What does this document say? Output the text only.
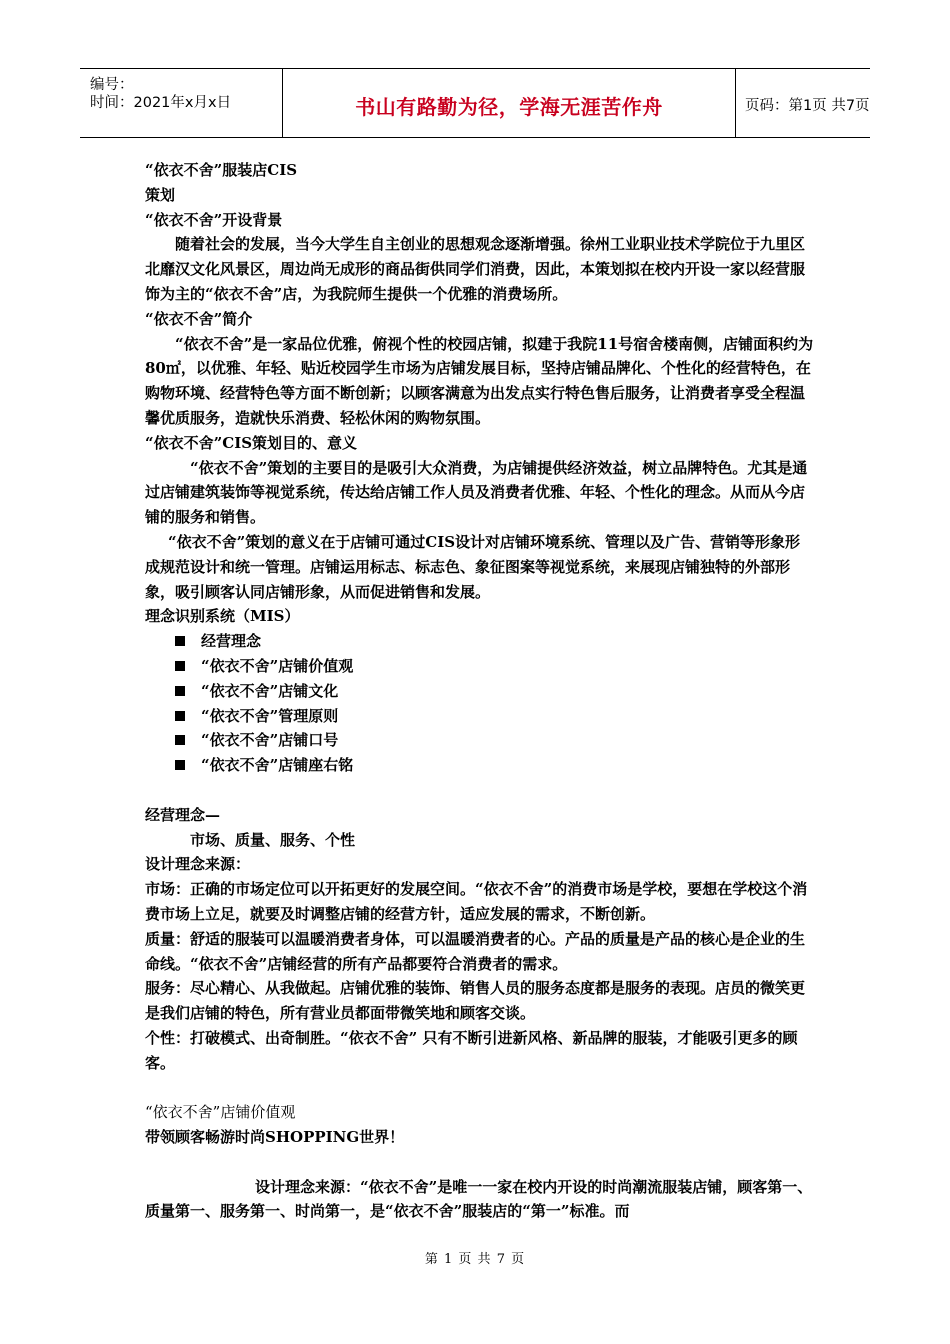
编号：
时间：2021年x月x日	书山有路勤为径，学海无涯苦作舟	页码：第1页 共7页

“依衣不舍”服装店CIS

策划

“依衣不舍”开设背景

随着社会的发展，当今大学生自主创业的思想观念逐渐增强。徐州工业职业技术学院位于九里区北靡汉文化风景区，周边尚无成形的商品街供同学们消费，因此，本策划拟在校内开设一家以经营服饰为主的“依衣不舍”店，为我院师生提供一个优雅的消费场所。

“依衣不舍”简介

“依衣不舍”是一家品位优雅，俯视个性的校园店铺，拟建于我院11号宿舍楼南侧，店铺面积约为80㎡，以优雅、年轻、贴近校园学生市场为店铺发展目标，坚持店铺品牌化、个性化的经营特色，在购物环境、经营特色等方面不断创新；以顾客满意为出发点实行特色售后服务，让消费者享受全程温馨优质服务，造就快乐消费、轻松休闲的购物氛围。

“依衣不舍”CIS策划目的、意义

“依衣不舍”策划的主要目的是吸引大众消费，为店铺提供经济效益，树立品牌特色。尤其是通过店铺建筑装饰等视觉系统，传达给店铺工作人员及消费者优雅、年轻、个性化的理念。从而从今店铺的服务和销售。

“依衣不舍”策划的意义在于店铺可通过CIS设计对店铺环境系统、管理以及广告、营销等形象形成规范设计和统一管理。店铺运用标志、标志色、象征图案等视觉系统，来展现店铺独特的外部形象，吸引顾客认同店铺形象，从而促进销售和发展。

理念识别系统（MIS）

经营理念
“依衣不舍”店铺价值观
“依衣不舍”店铺文化
“依衣不舍”管理原则
“依衣不舍”店铺口号
“依衣不舍”店铺座右铭

经营理念—

市场、质量、服务、个性

设计理念来源：

市场：正确的市场定位可以开拓更好的发展空间。“依衣不舍”的消费市场是学校，要想在学校这个消费市场上立足，就要及时调整店铺的经营方针，适应发展的需求，不断创新。

质量：舒适的服装可以温暖消费者身体，可以温暖消费者的心。产品的质量是产品的核心是企业的生命线。“依衣不舍”店铺经营的所有产品都要符合消费者的需求。

服务：尽心精心、从我做起。店铺优雅的装饰、销售人员的服务态度都是服务的表现。店员的微笑更是我们店铺的特色，所有营业员都面带微笑地和顾客交谈。

个性：打破模式、出奇制胜。“依衣不舍” 只有不断引进新风格、新品牌的服装，才能吸引更多的顾客。

“依衣不舍”店铺价值观

带领顾客畅游时尚SHOPPING世界！

设计理念来源：“依衣不舍”是唯一一家在校内开设的时尚潮流服装店铺，顾客第一、质量第一、服务第一、时尚第一，是“依衣不舍”服装店的“第一”标准。而

第 1 页 共 7 页
